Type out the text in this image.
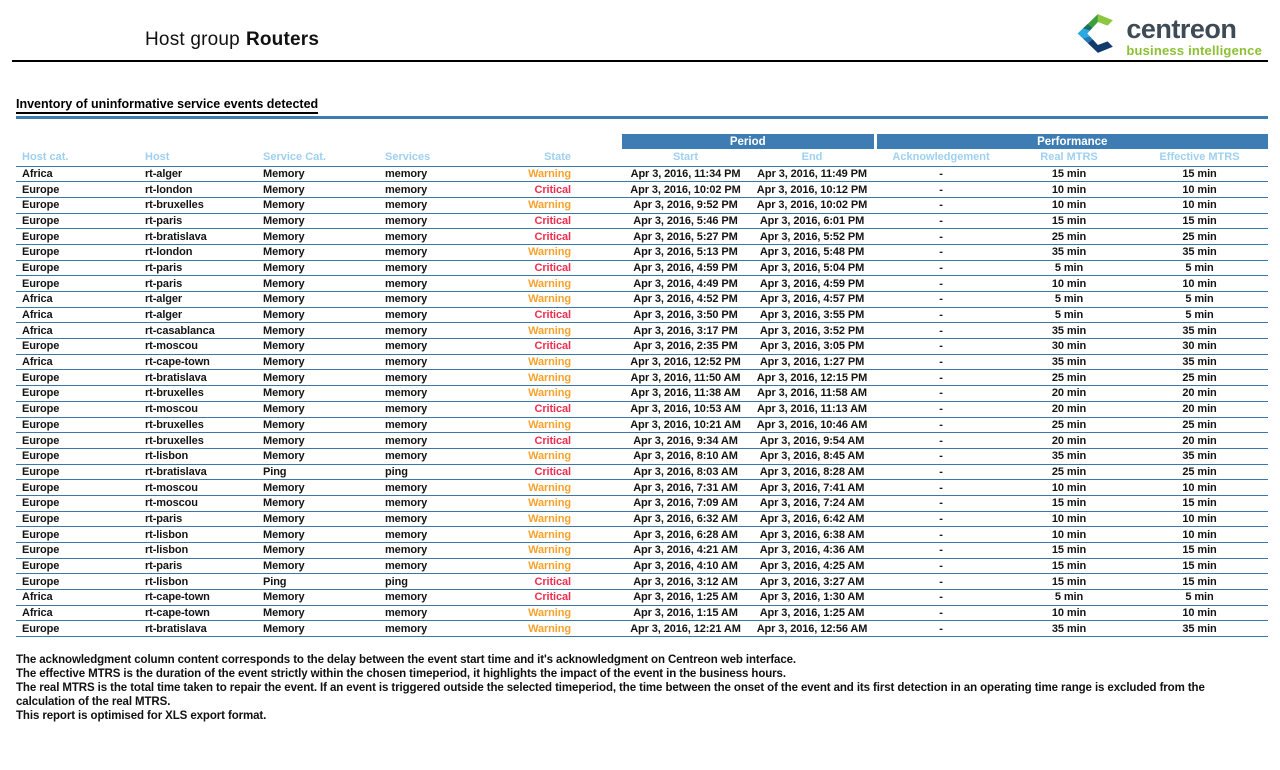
Host group Routers	centreon
business intelligence
Inventory of uninformative service events detected
						Period		Performance		
Host cat.	Host	Service Cat.	Services	State		Start	End	Acknowledgement	Real MTRS	Effective MTRS
Africa	rt-alger	Memory	memory	Warning		Apr 3, 2016, 11:34 PM	Apr 3, 2016, 11:49 PM	-	15 min	15 min
Europe	rt-london	Memory	memory	Critical		Apr 3, 2016, 10:02 PM	Apr 3, 2016, 10:12 PM	-	10 min	10 min
Europe	rt-bruxelles	Memory	memory	Warning		Apr 3, 2016, 9:52 PM	Apr 3, 2016, 10:02 PM	-	10 min	10 min
Europe	rt-paris	Memory	memory	Critical		Apr 3, 2016, 5:46 PM	Apr 3, 2016, 6:01 PM	-	15 min	15 min
Europe	rt-bratislava	Memory	memory	Critical		Apr 3, 2016, 5:27 PM	Apr 3, 2016, 5:52 PM	-	25 min	25 min
Europe	rt-london	Memory	memory	Warning		Apr 3, 2016, 5:13 PM	Apr 3, 2016, 5:48 PM	-	35 min	35 min
Europe	rt-paris	Memory	memory	Critical		Apr 3, 2016, 4:59 PM	Apr 3, 2016, 5:04 PM	-	5 min	5 min
Europe	rt-paris	Memory	memory	Warning		Apr 3, 2016, 4:49 PM	Apr 3, 2016, 4:59 PM	-	10 min	10 min
Africa	rt-alger	Memory	memory	Warning		Apr 3, 2016, 4:52 PM	Apr 3, 2016, 4:57 PM	-	5 min	5 min
Africa	rt-alger	Memory	memory	Critical		Apr 3, 2016, 3:50 PM	Apr 3, 2016, 3:55 PM	-	5 min	5 min
Africa	rt-casablanca	Memory	memory	Warning		Apr 3, 2016, 3:17 PM	Apr 3, 2016, 3:52 PM	-	35 min	35 min
Europe	rt-moscou	Memory	memory	Critical		Apr 3, 2016, 2:35 PM	Apr 3, 2016, 3:05 PM	-	30 min	30 min
Africa	rt-cape-town	Memory	memory	Warning		Apr 3, 2016, 12:52 PM	Apr 3, 2016, 1:27 PM	-	35 min	35 min
Europe	rt-bratislava	Memory	memory	Warning		Apr 3, 2016, 11:50 AM	Apr 3, 2016, 12:15 PM	-	25 min	25 min
Europe	rt-bruxelles	Memory	memory	Warning		Apr 3, 2016, 11:38 AM	Apr 3, 2016, 11:58 AM	-	20 min	20 min
Europe	rt-moscou	Memory	memory	Critical		Apr 3, 2016, 10:53 AM	Apr 3, 2016, 11:13 AM	-	20 min	20 min
Europe	rt-bruxelles	Memory	memory	Warning		Apr 3, 2016, 10:21 AM	Apr 3, 2016, 10:46 AM	-	25 min	25 min
Europe	rt-bruxelles	Memory	memory	Critical		Apr 3, 2016, 9:34 AM	Apr 3, 2016, 9:54 AM	-	20 min	20 min
Europe	rt-lisbon	Memory	memory	Warning		Apr 3, 2016, 8:10 AM	Apr 3, 2016, 8:45 AM	-	35 min	35 min
Europe	rt-bratislava	Ping	ping	Critical		Apr 3, 2016, 8:03 AM	Apr 3, 2016, 8:28 AM	-	25 min	25 min
Europe	rt-moscou	Memory	memory	Warning		Apr 3, 2016, 7:31 AM	Apr 3, 2016, 7:41 AM	-	10 min	10 min
Europe	rt-moscou	Memory	memory	Warning		Apr 3, 2016, 7:09 AM	Apr 3, 2016, 7:24 AM	-	15 min	15 min
Europe	rt-paris	Memory	memory	Warning		Apr 3, 2016, 6:32 AM	Apr 3, 2016, 6:42 AM	-	10 min	10 min
Europe	rt-lisbon	Memory	memory	Warning		Apr 3, 2016, 6:28 AM	Apr 3, 2016, 6:38 AM	-	10 min	10 min
Europe	rt-lisbon	Memory	memory	Warning		Apr 3, 2016, 4:21 AM	Apr 3, 2016, 4:36 AM	-	15 min	15 min
Europe	rt-paris	Memory	memory	Warning		Apr 3, 2016, 4:10 AM	Apr 3, 2016, 4:25 AM	-	15 min	15 min
Europe	rt-lisbon	Ping	ping	Critical		Apr 3, 2016, 3:12 AM	Apr 3, 2016, 3:27 AM	-	15 min	15 min
Africa	rt-cape-town	Memory	memory	Critical		Apr 3, 2016, 1:25 AM	Apr 3, 2016, 1:30 AM	-	5 min	5 min
Africa	rt-cape-town	Memory	memory	Warning		Apr 3, 2016, 1:15 AM	Apr 3, 2016, 1:25 AM	-	10 min	10 min
Europe	rt-bratislava	Memory	memory	Warning		Apr 3, 2016, 12:21 AM	Apr 3, 2016, 12:56 AM	-	35 min	35 min
The acknowledgment column content corresponds to the delay between the event start time and it's acknowledgment on Centreon web interface.
The effective MTRS is the duration of the event strictly within the chosen timeperiod, it highlights the impact of the event in the business hours.
The real MTRS is the total time taken to repair the event. If an event is triggered outside the selected timeperiod, the time between the onset of the event and its first detection in an operating time range is excluded from the
calculation of the real MTRS.
This report is optimised for XLS export format.
